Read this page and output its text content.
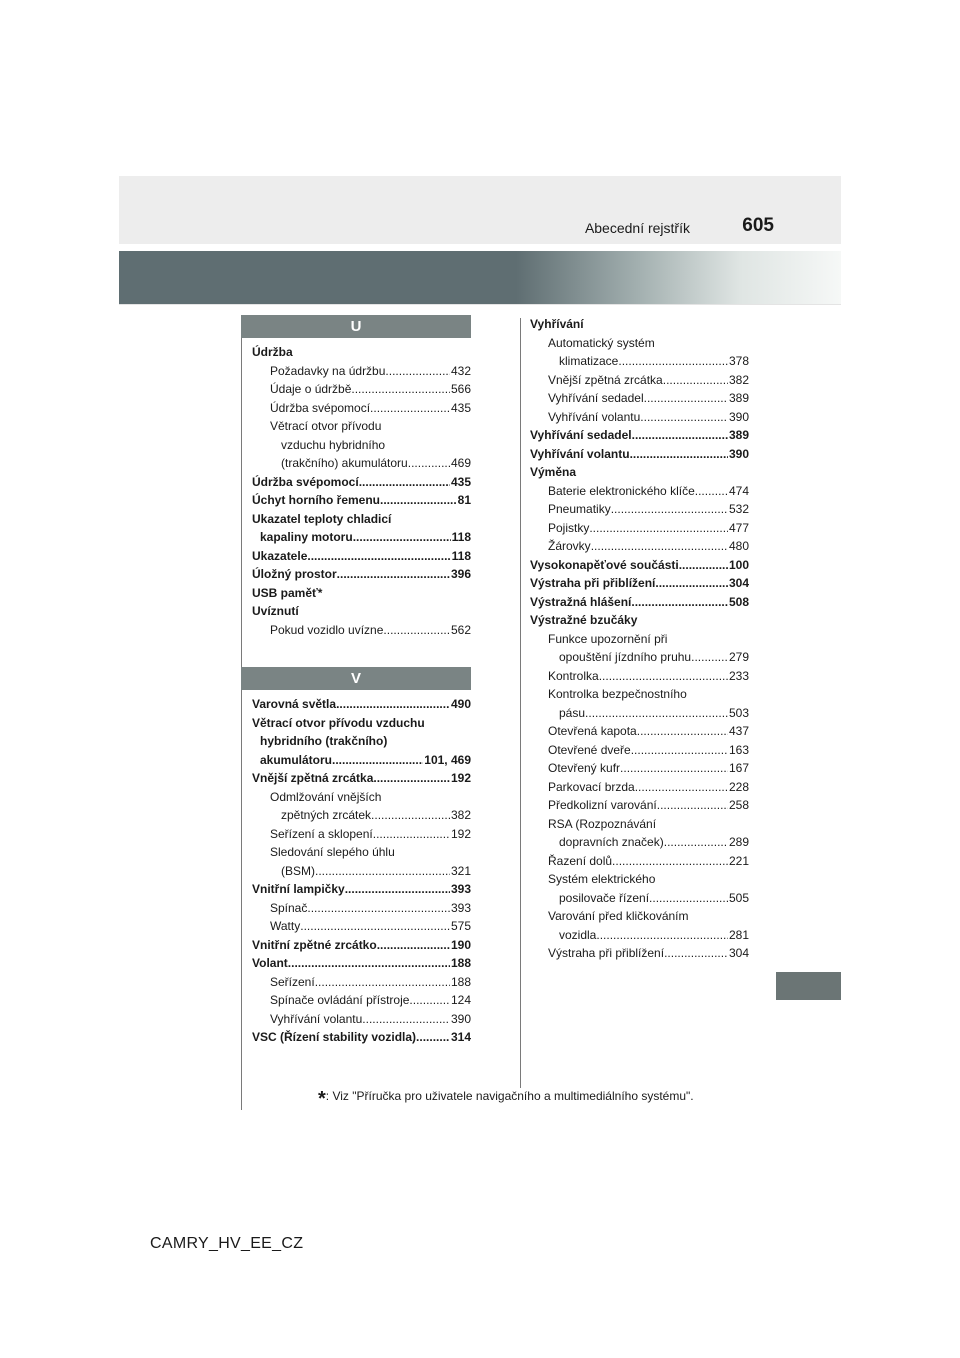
Abecední rejstřík	605
U
Údržba
Požadavky na údržbu .....	432
Údaje o údržbě .....	566
Údržba svépomocí .....	435
Větrací otvor přívodu
vzduchu hybridního
(trakčního) akumulátoru .....	469
Údržba svépomocí .....	435
Úchyt horního řemenu .....	81
Ukazatel teploty chladicí
kapaliny motoru .....	118
Ukazatele .....	118
Úložný prostor .....	396
USB paměť*
Uvíznutí
Pokud vozidlo uvízne .....	562
V
Varovná světla .....	490
Větrací otvor přívodu vzduchu
hybridního (trakčního)
akumulátoru .....	101, 469
Vnější zpětná zrcátka .....	192
Odmlžování vnějších
zpětných zrcátek .....	382
Seřízení a sklopení .....	192
Sledování slepého úhlu
(BSM) .....	321
Vnitřní lampičky .....	393
Spínač .....	393
Watty .....	575
Vnitřní zpětné zrcátko .....	190
Volant .....	188
Seřízení .....	188
Spínače ovládání přístroje .....	124
Vyhřívání volantu .....	390
VSC (Řízení stability vozidla) .....	314
Vyhřívání
Automatický systém
klimatizace .....	378
Vnější zpětná zrcátka .....	382
Vyhřívání sedadel .....	389
Vyhřívání volantu .....	390
Vyhřívání sedadel .....	389
Vyhřívání volantu .....	390
Výměna
Baterie elektronického klíče .....	474
Pneumatiky .....	532
Pojistky .....	477
Žárovky .....	480
Vysokonapěťové součásti .....	100
Výstraha při přiblížení .....	304
Výstražná hlášení .....	508
Výstražné bzučáky
Funkce upozornění při
opouštění jízdního pruhu .....	279
Kontrolka .....	233
Kontrolka bezpečnostního
pásu .....	503
Otevřená kapota .....	437
Otevřené dveře .....	163
Otevřený kufr .....	167
Parkovací brzda .....	228
Předkolizní varování .....	258
RSA (Rozpoznávání
dopravních značek) .....	289
Řazení dolů .....	221
Systém elektrického
posilovače řízení .....	505
Varování před kličkováním
vozidla .....	281
Výstraha při přiblížení .....	304
*: Viz "Příručka pro uživatele navigačního a multimediálního systému".
CAMRY_HV_EE_CZ
